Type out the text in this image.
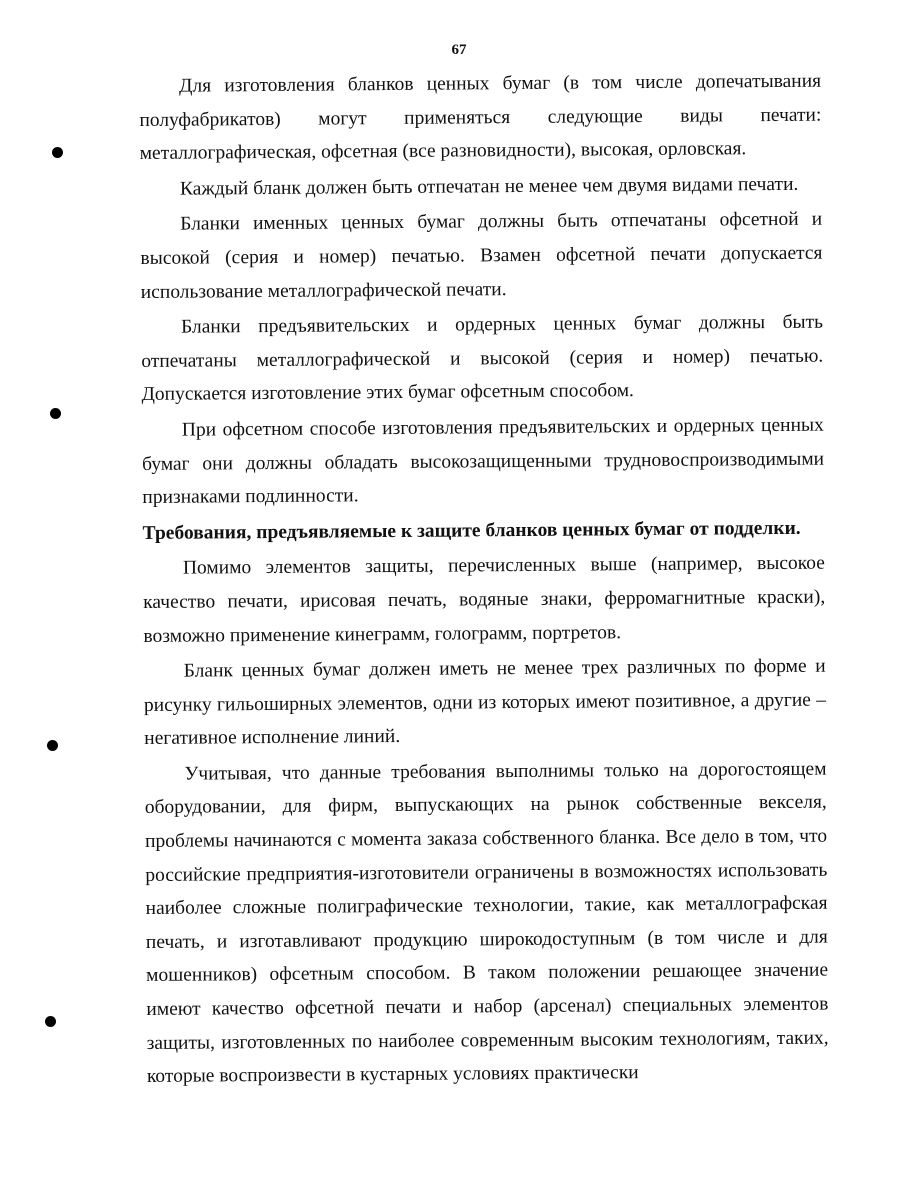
67

Для изготовления бланков ценных бумаг (в том числе допечатывания полуфабрикатов) могут применяться следующие виды печати: металлографическая, офсетная (все разновидности), высокая, орловская.

Каждый бланк должен быть отпечатан не менее чем двумя видами печати.

Бланки именных ценных бумаг должны быть отпечатаны офсетной и высокой (серия и номер) печатью. Взамен офсетной печати допускается использование металлографической печати.

Бланки предъявительских и ордерных ценных бумаг должны быть отпечатаны металлографической и высокой (серия и номер) печатью. Допускается изготовление этих бумаг офсетным способом.

При офсетном способе изготовления предъявительских и ордерных ценных бумаг они должны обладать высокозащищенными трудновоспроизводимыми признаками подлинности.

Требования, предъявляемые к защите бланков ценных бумаг от подделки.

Помимо элементов защиты, перечисленных выше (например, высокое качество печати, ирисовая печать, водяные знаки, ферромагнитные краски), возможно применение кинеграмм, голограмм, портретов.

Бланк ценных бумаг должен иметь не менее трех различных по форме и рисунку гильоширных элементов, одни из которых имеют позитивное, а другие – негативное исполнение линий.

Учитывая, что данные требования выполнимы только на дорогостоящем оборудовании, для фирм, выпускающих на рынок собственные векселя, проблемы начинаются с момента заказа собственного бланка. Все дело в том, что российские предприятия-изготовители ограничены в возможностях использовать наиболее сложные полиграфические технологии, такие, как металлографская печать, и изготавливают продукцию широкодоступным (в том числе и для мошенников) офсетным способом. В таком положении решающее значение имеют качество офсетной печати и набор (арсенал) специальных элементов защиты, изготовленных по наиболее современным высоким технологиям, таких, которые воспроизвести в кустарных условиях практически
